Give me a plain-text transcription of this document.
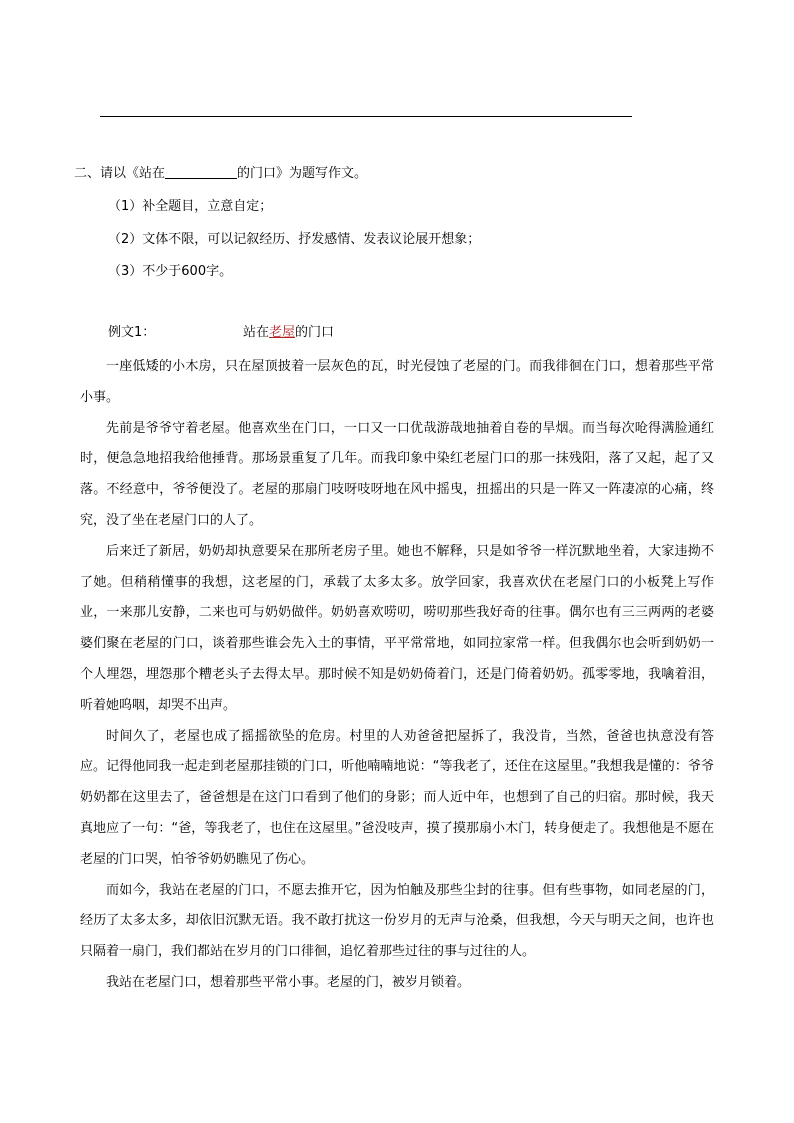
二、请以《站在	的门口》为题写作文。
（1）补全题目，立意自定；
（2）文体不限，可以记叙经历、抒发感情、发表议论展开想象；
（3）不少于600字。
例文1：	站在老屋的门口

一座低矮的小木房，只在屋顶披着一层灰色的瓦，时光侵蚀了老屋的门。而我徘徊在门口，想着那些平常小事。

先前是爷爷守着老屋。他喜欢坐在门口，一口又一口优哉游哉地抽着自卷的旱烟。而当每次呛得满脸通红时，便急急地招我给他捶背。那场景重复了几年。而我印象中染红老屋门口的那一抹残阳，落了又起，起了又落。不经意中，爷爷便没了。老屋的那扇门吱呀吱呀地在风中摇曳，扭摇出的只是一阵又一阵凄凉的心痛，终究，没了坐在老屋门口的人了。

后来迁了新居，奶奶却执意要呆在那所老房子里。她也不解释，只是如爷爷一样沉默地坐着，大家违拗不了她。但稍稍懂事的我想，这老屋的门，承载了太多太多。放学回家，我喜欢伏在老屋门口的小板凳上写作业，一来那儿安静，二来也可与奶奶做伴。奶奶喜欢唠叨，唠叨那些我好奇的往事。偶尔也有三三两两的老婆婆们聚在老屋的门口，谈着那些谁会先入土的事情，平平常常地，如同拉家常一样。但我偶尔也会听到奶奶一个人埋怨，埋怨那个糟老头子去得太早。那时候不知是奶奶倚着门，还是门倚着奶奶。孤零零地，我噙着泪，听着她呜咽，却哭不出声。

时间久了，老屋也成了摇摇欲坠的危房。村里的人劝爸爸把屋拆了，我没肯，当然，爸爸也执意没有答应。记得他同我一起走到老屋那挂锁的门口，听他喃喃地说：“等我老了，还住在这屋里。”我想我是懂的：爷爷奶奶都在这里去了，爸爸想是在这门口看到了他们的身影；而人近中年，也想到了自己的归宿。那时候，我天真地应了一句：“爸，等我老了，也住在这屋里。”爸没吱声，摸了摸那扇小木门，转身便走了。我想他是不愿在老屋的门口哭，怕爷爷奶奶瞧见了伤心。

而如今，我站在老屋的门口，不愿去推开它，因为怕触及那些尘封的往事。但有些事物，如同老屋的门，经历了太多太多，却依旧沉默无语。我不敢打扰这一份岁月的无声与沧桑，但我想，今天与明天之间，也许也只隔着一扇门，我们都站在岁月的门口徘徊，追忆着那些过往的事与过往的人。

我站在老屋门口，想着那些平常小事。老屋的门，被岁月锁着。
